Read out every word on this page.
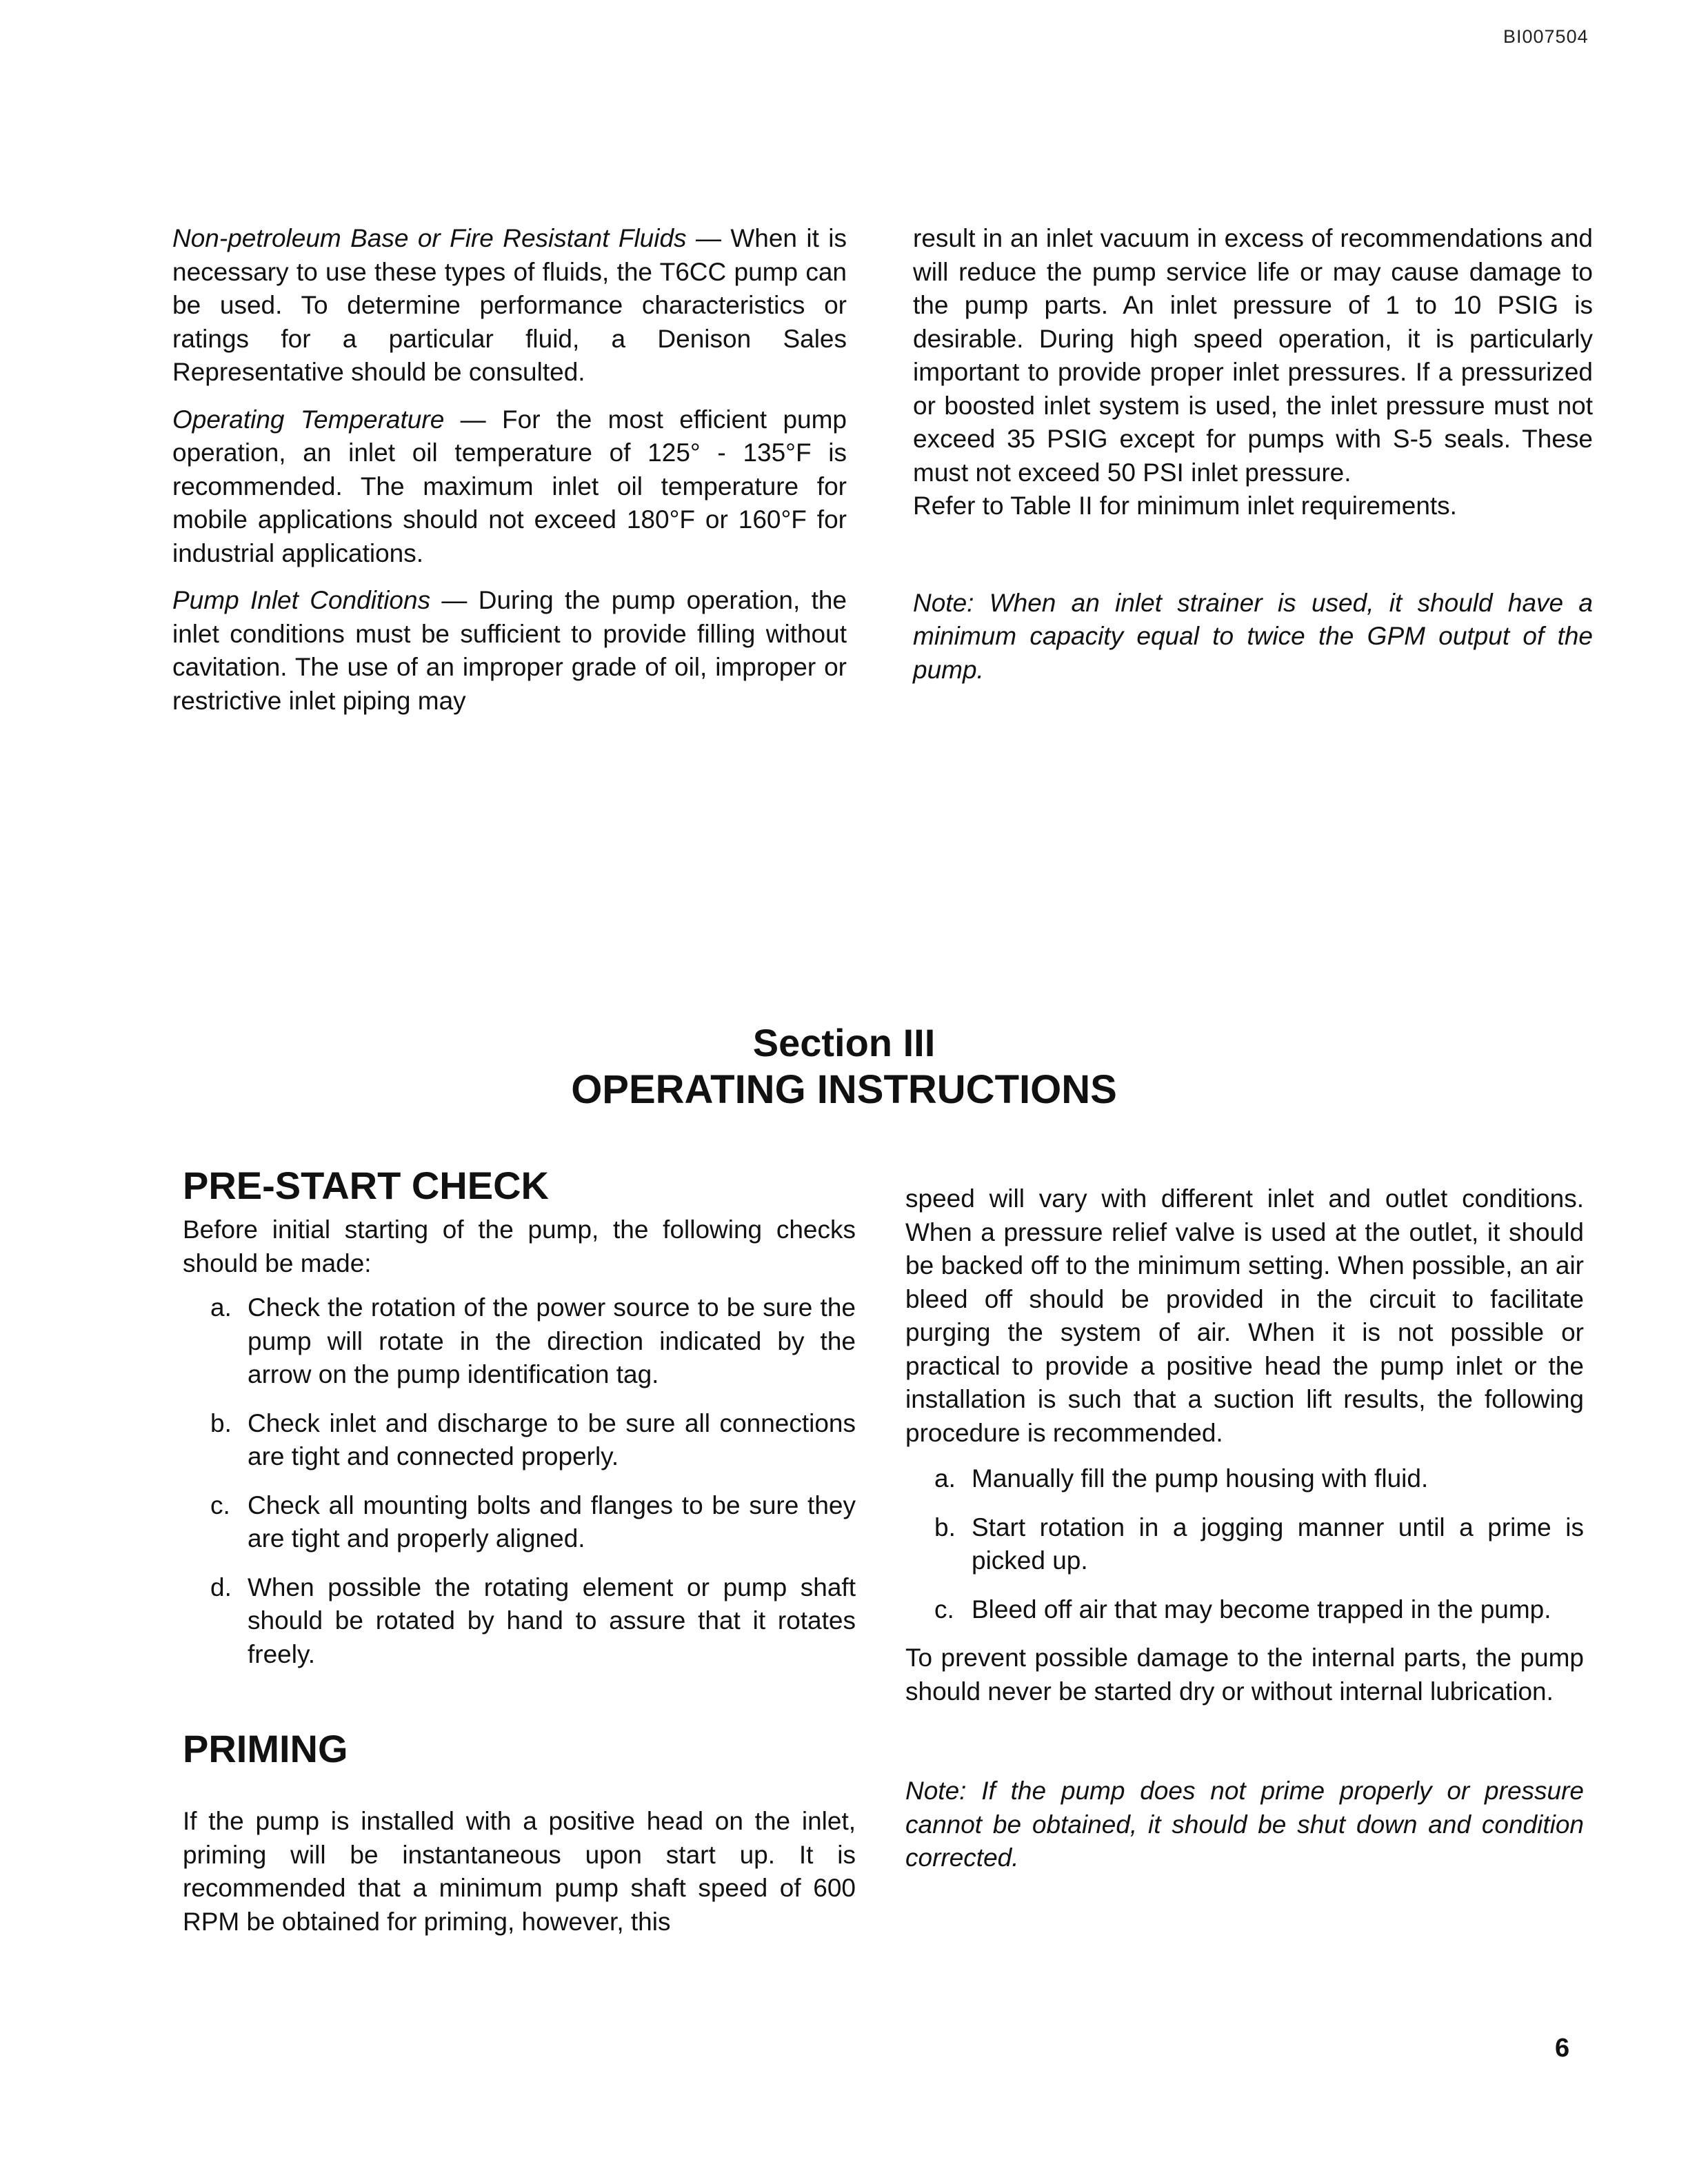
BI007504

Non-petroleum Base or Fire Resistant Fluids — When it is necessary to use these types of fluids, the T6CC pump can be used. To determine performance characteristics or ratings for a particular fluid, a Denison Sales Representative should be consulted.

Operating Temperature — For the most efficient pump operation, an inlet oil temperature of 125° - 135°F is recommended. The maximum inlet oil temperature for mobile applications should not exceed 180°F or 160°F for industrial applications.

Pump Inlet Conditions — During the pump operation, the inlet conditions must be sufficient to provide filling without cavitation. The use of an improper grade of oil, improper or restrictive inlet piping may

result in an inlet vacuum in excess of recommendations and will reduce the pump service life or may cause damage to the pump parts. An inlet pressure of 1 to 10 PSIG is desirable. During high speed operation, it is particularly important to provide proper inlet pressures. If a pressurized or boosted inlet system is used, the inlet pressure must not exceed 35 PSIG except for pumps with S-5 seals. These must not exceed 50 PSI inlet pressure.

Refer to Table II for minimum inlet requirements.

Note: When an inlet strainer is used, it should have a minimum capacity equal to twice the GPM output of the pump.

Section III
OPERATING INSTRUCTIONS
PRE-START CHECK

Before initial starting of the pump, the following checks should be made:

a. Check the rotation of the power source to be sure the pump will rotate in the direction indicated by the arrow on the pump identification tag.
b. Check inlet and discharge to be sure all connections are tight and connected properly.
c. Check all mounting bolts and flanges to be sure they are tight and properly aligned.
d. When possible the rotating element or pump shaft should be rotated by hand to assure that it rotates freely.
PRIMING

If the pump is installed with a positive head on the inlet, priming will be instantaneous upon start up. It is recommended that a minimum pump shaft speed of 600 RPM be obtained for priming, however, this

speed will vary with different inlet and outlet conditions. When a pressure relief valve is used at the outlet, it should be backed off to the minimum setting. When possible, an air bleed off should be provided in the circuit to facilitate purging the system of air. When it is not possible or practical to provide a positive head the pump inlet or the installation is such that a suction lift results, the following procedure is recommended.

a. Manually fill the pump housing with fluid.
b. Start rotation in a jogging manner until a prime is picked up.
c. Bleed off air that may become trapped in the pump.

To prevent possible damage to the internal parts, the pump should never be started dry or without internal lubrication.

Note: If the pump does not prime properly or pressure cannot be obtained, it should be shut down and condition corrected.

6
